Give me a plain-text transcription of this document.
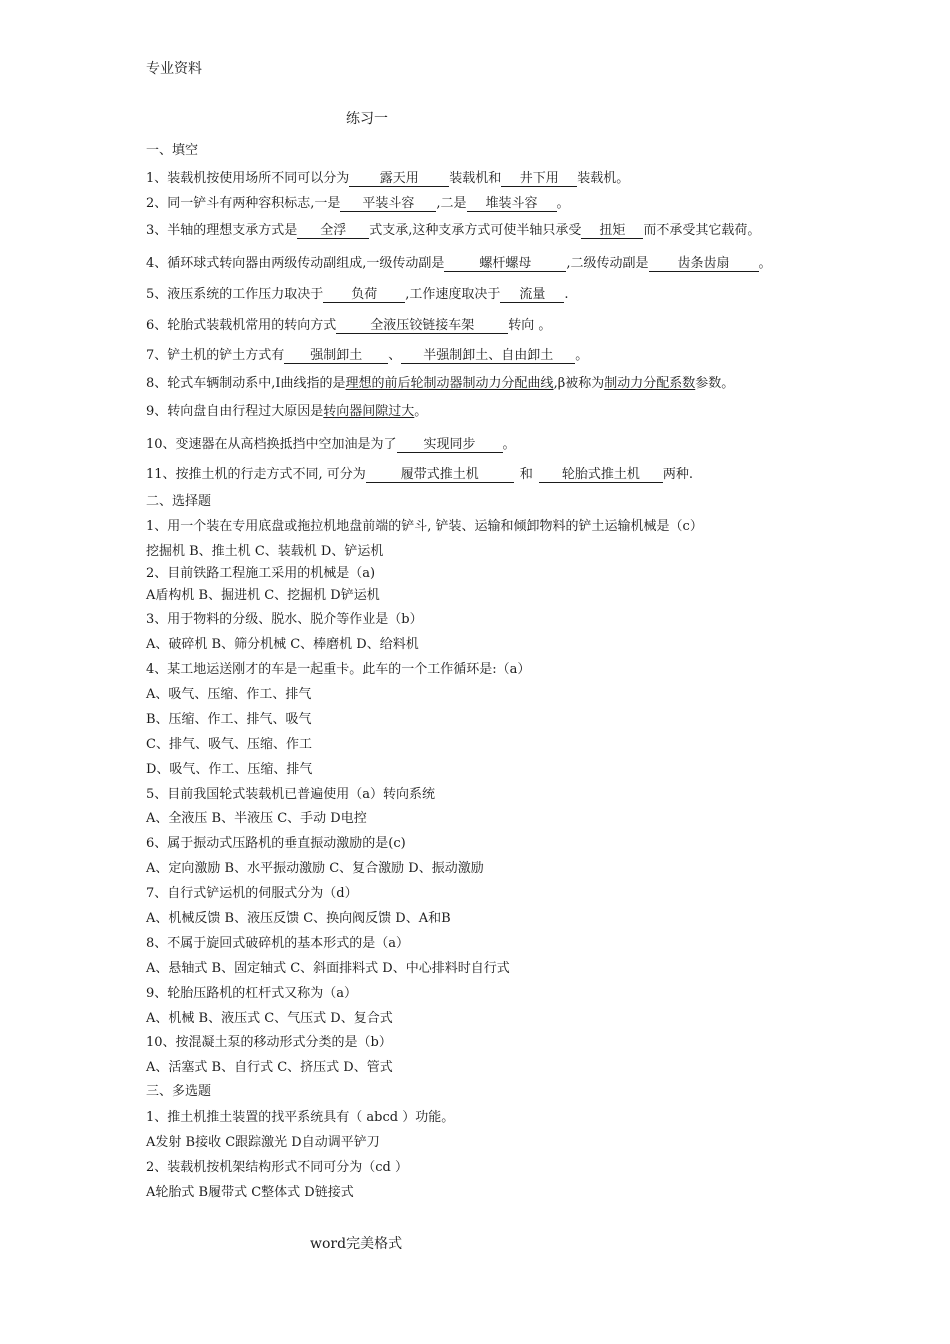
专业资料
练习一
一、填空
1、装载机按使用场所不同可以分为 露天用 装载机和 井下用 装载机。
2、同一铲斗有两种容积标志,一是 平装斗容 ,二是 堆装斗容 。
3、半轴的理想支承方式是 全浮 式支承,这种支承方式可使半轴只承受 扭矩 而不承受其它载荷。
4、循环球式转向器由两级传动副组成,一级传动副是	螺杆螺母	,二级传动副是 齿条齿扇 。
5、液压系统的工作压力取决于 负荷 ,工作速度取决于 流量 .
6、轮胎式装载机常用的转向方式	全液压铰链接车架	转向 。
7、铲土机的铲土方式有 强制卸土 、 半强制卸土、自由卸土 。
8、轮式车辆制动系中,Ⅰ曲线指的是理想的前后轮制动器制动力分配曲线,β被称为制动力分配系数参数。
9、转向盘自由行程过大原因是转向器间隙过大。
10、变速器在从高档换抵挡中空加油是为了 实现同步 。
11、按推土机的行走方式不同, 可分为	履带式推土机	和 轮胎式推土机 两种.
二、选择题
1、用一个装在专用底盘或拖拉机地盘前端的铲斗, 铲装、运输和倾卸物料的铲土运输机械是（c）
挖掘机 B、推土机 C、装载机 D、铲运机
2、目前铁路工程施工采用的机械是（a)
A盾构机 B、掘进机 C、挖掘机 D铲运机
3、用于物料的分级、脱水、脱介等作业是（b）
A、破碎机 B、筛分机械 C、棒磨机 D、给料机
4、某工地运送刚才的车是一起重卡。此车的一个工作循环是:（a）
A、吸气、压缩、作工、排气
B、压缩、作工、排气、吸气
C、排气、吸气、压缩、作工
D、吸气、作工、压缩、排气
5、目前我国轮式装载机已普遍使用（a）转向系统
A、全液压 B、半液压 C、手动 D电控
6、属于振动式压路机的垂直振动激励的是(c)
A、定向激励 B、水平振动激励 C、复合激励 D、振动激励
7、自行式铲运机的伺服式分为（d）
A、机械反馈 B、液压反馈 C、换向阀反馈 D、A和B
8、不属于旋回式破碎机的基本形式的是（a）
A、悬轴式 B、固定轴式 C、斜面排料式 D、中心排料时自行式
9、轮胎压路机的杠杆式又称为（a）
A、机械 B、液压式 C、气压式 D、复合式
10、按混凝土泵的移动形式分类的是（b）
A、活塞式 B、自行式 C、挤压式 D、管式
三、多选题
1、推土机推土装置的找平系统具有（ abcd ）功能。
A发射 B接收 C跟踪激光 D自动调平铲刀
2、装载机按机架结构形式不同可分为（cd ）
A轮胎式 B履带式 C整体式 D链接式
word完美格式
